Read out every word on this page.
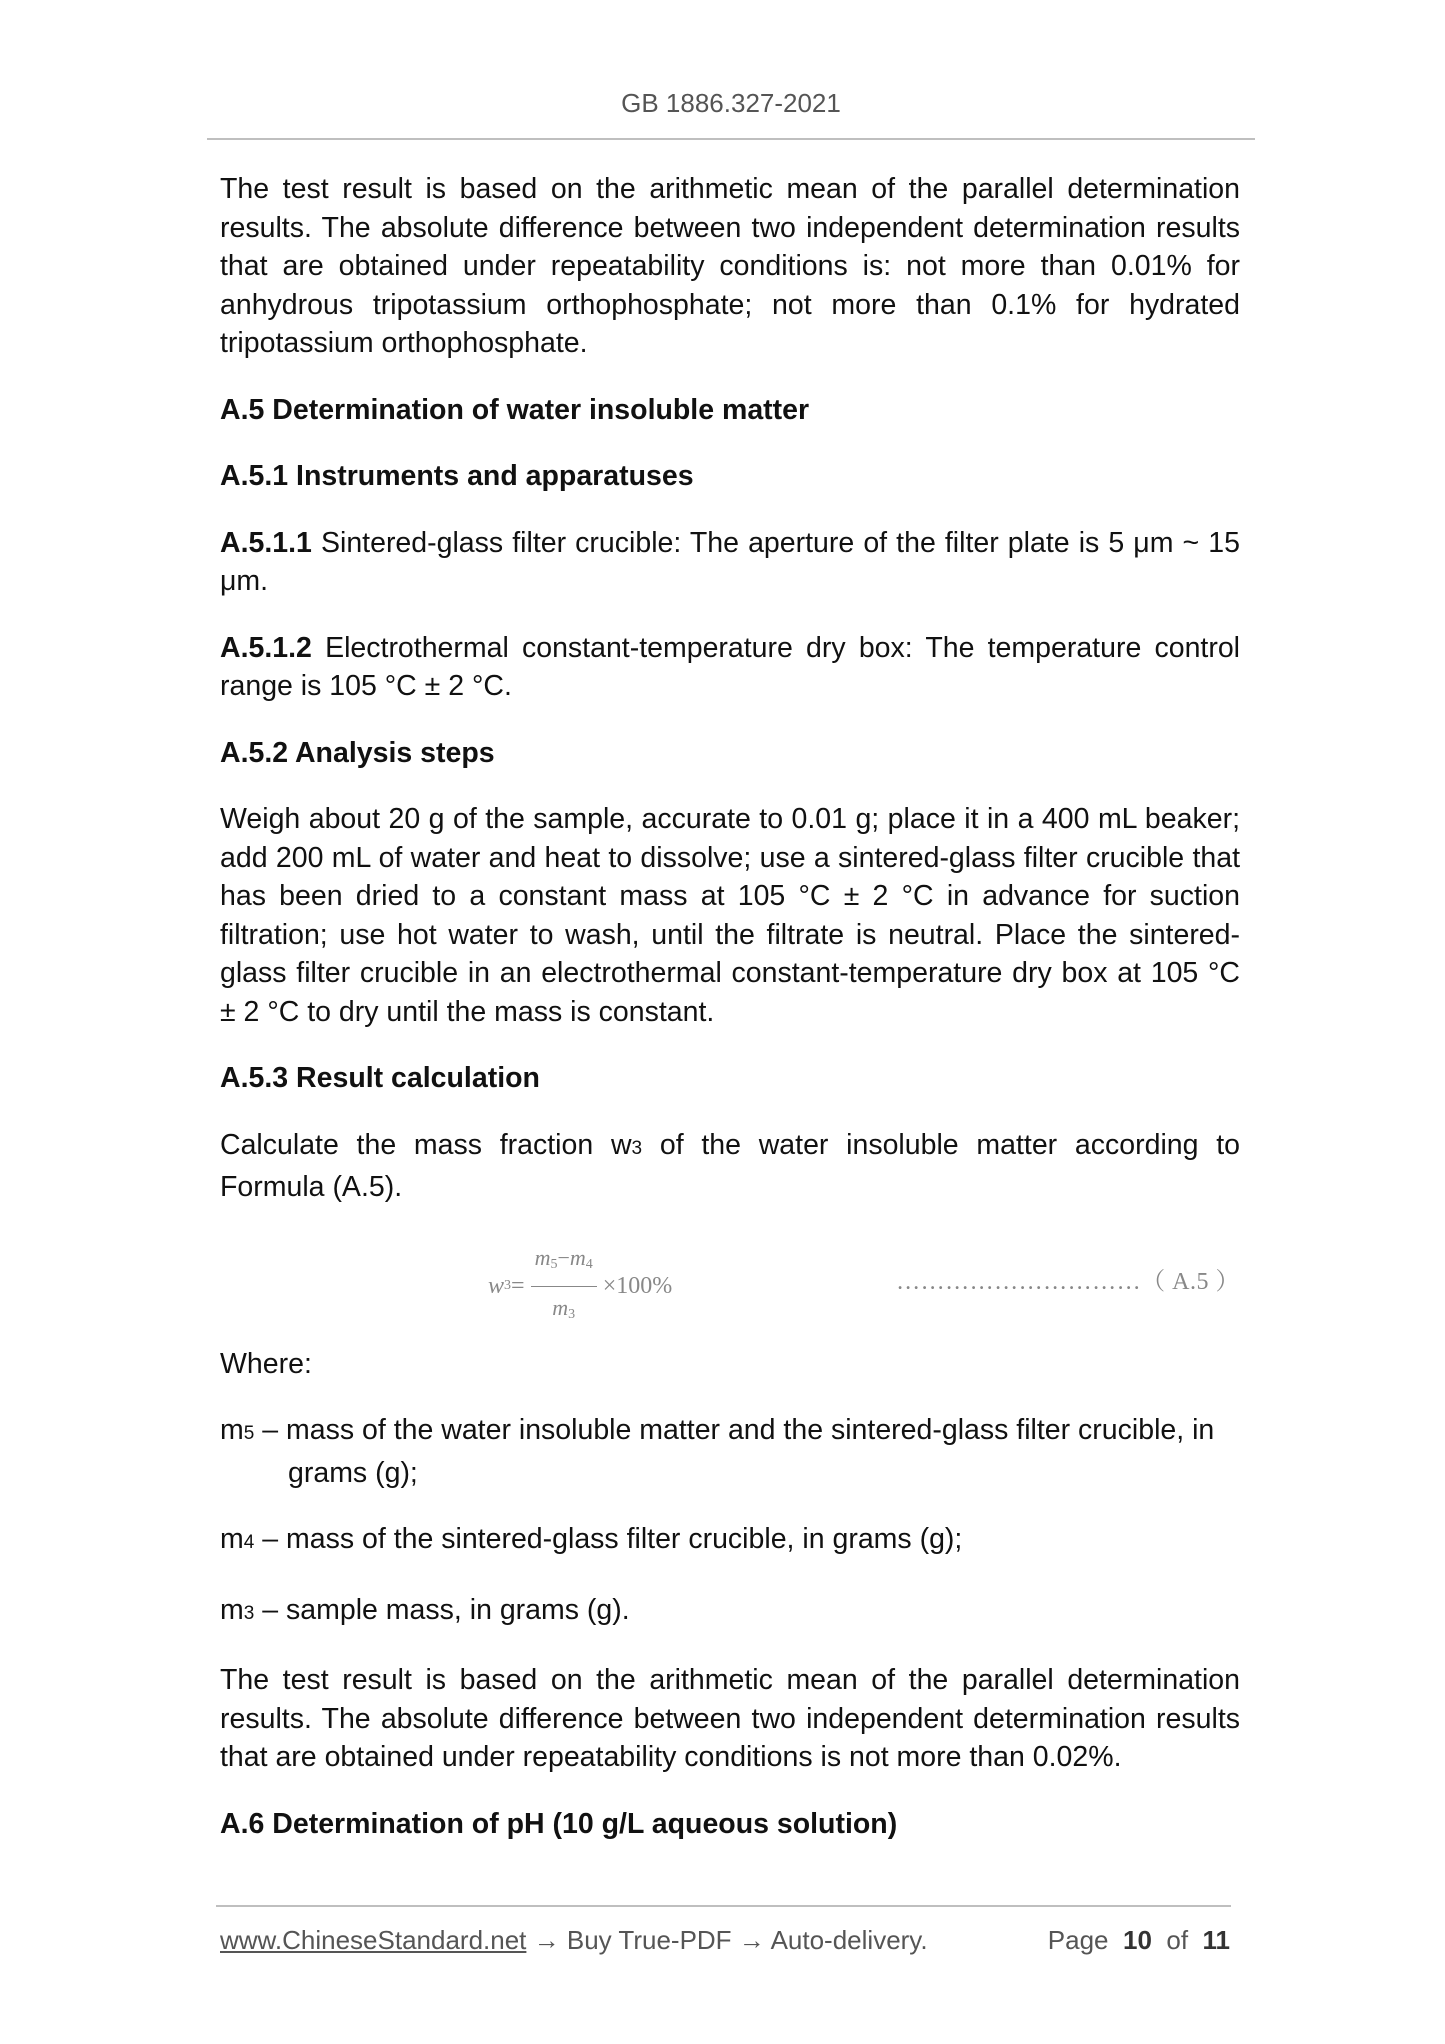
GB 1886.327-2021

The test result is based on the arithmetic mean of the parallel determination results. The absolute difference between two independent determination results that are obtained under repeatability conditions is: not more than 0.01% for anhydrous tripotassium orthophosphate; not more than 0.1% for hydrated tripotassium orthophosphate.

A.5 Determination of water insoluble matter
A.5.1 Instruments and apparatuses

A.5.1.1 Sintered-glass filter crucible: The aperture of the filter plate is 5 μm ~ 15 μm.

A.5.1.2 Electrothermal constant-temperature dry box: The temperature control range is 105 °C ± 2 °C.

A.5.2 Analysis steps

Weigh about 20 g of the sample, accurate to 0.01 g; place it in a 400 mL beaker; add 200 mL of water and heat to dissolve; use a sintered-glass filter crucible that has been dried to a constant mass at 105 °C ± 2 °C in advance for suction filtration; use hot water to wash, until the filtrate is neutral. Place the sintered-glass filter crucible in an electrothermal constant-temperature dry box at 105 °C ± 2 °C to dry until the mass is constant.

A.5.3 Result calculation

Calculate the mass fraction w3 of the water insoluble matter according to Formula (A.5).

w $3 = \frac{m5-m4}{m3} \times 100\%$	…………………………（ A.5 ）

Where:

m5 – mass of the water insoluble matter and the sintered-glass filter crucible, in grams (g);

m4 – mass of the sintered-glass filter crucible, in grams (g);

m3 – sample mass, in grams (g).

The test result is based on the arithmetic mean of the parallel determination results. The absolute difference between two independent determination results that are obtained under repeatability conditions is not more than 0.02%.

A.6 Determination of pH (10 g/L aqueous solution)
www.ChineseStandard.net → Buy True-PDF → Auto-delivery.	Page 10 of 11
